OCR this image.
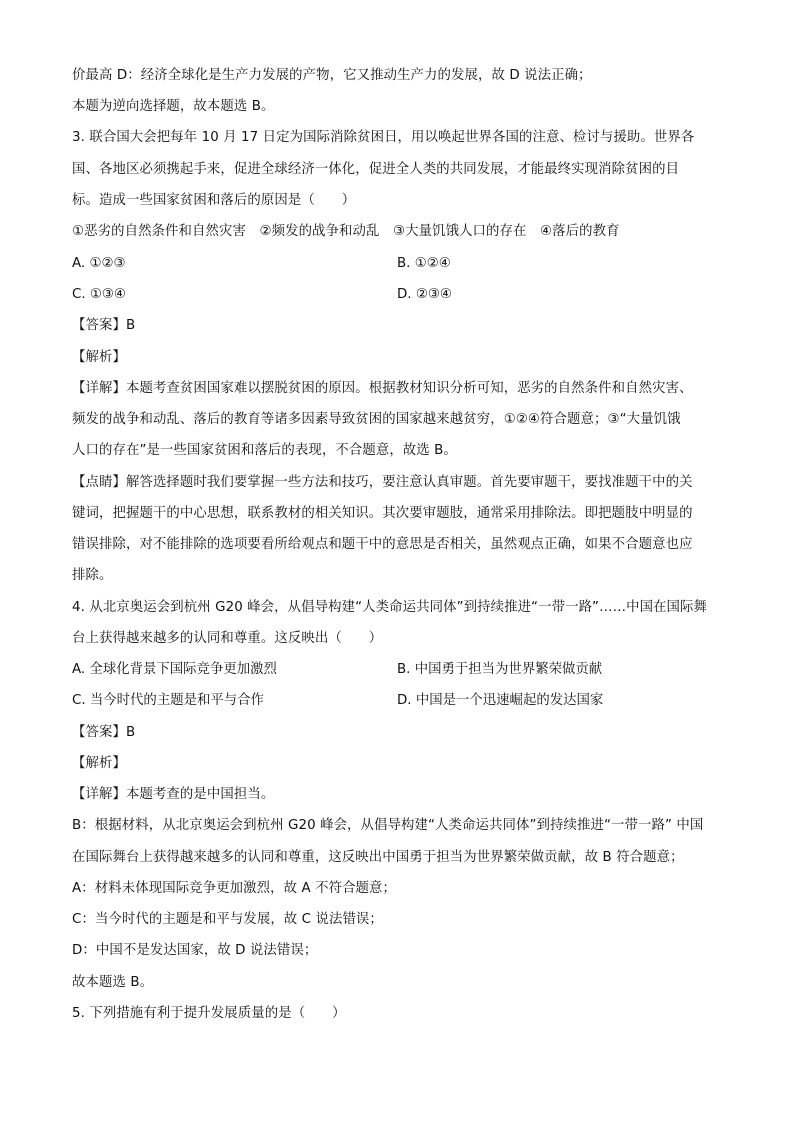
价最高 D：经济全球化是生产力发展的产物，它又推动生产力的发展，故 D 说法正确；
本题为逆向选择题，故本题选 B。
3. 联合国大会把每年 10 月 17 日定为国际消除贫困日，用以唤起世界各国的注意、检讨与援助。世界各
国、各地区必须携起手来，促进全球经济一体化，促进全人类的共同发展，才能最终实现消除贫困的目
标。造成一些国家贫困和落后的原因是（　　）
①恶劣的自然条件和自然灾害　②频发的战争和动乱　③大量饥饿人口的存在　④落后的教育
A. ①②③	B. ①②④
C. ①③④	D. ②③④
【答案】B
【解析】
【详解】本题考查贫困国家难以摆脱贫困的原因。根据教材知识分析可知，恶劣的自然条件和自然灾害、
频发的战争和动乱、落后的教育等诸多因素导致贫困的国家越来越贫穷，①②④符合题意；③“大量饥饿
人口的存在”是一些国家贫困和落后的表现，不合题意，故选 B。
【点睛】解答选择题时我们要掌握一些方法和技巧，要注意认真审题。首先要审题干，要找准题干中的关
键词，把握题干的中心思想，联系教材的相关知识。其次要审题肢，通常采用排除法。即把题肢中明显的
错误排除，对不能排除的选项要看所给观点和题干中的意思是否相关，虽然观点正确，如果不合题意也应
排除。
4. 从北京奥运会到杭州 G20 峰会，从倡导构建“人类命运共同体”到持续推进“一带一路”……中国在国际舞
台上获得越来越多的认同和尊重。这反映出（　　）
A. 全球化背景下国际竞争更加激烈	B. 中国勇于担当为世界繁荣做贡献
C. 当今时代的主题是和平与合作	D. 中国是一个迅速崛起的发达国家
【答案】B
【解析】
【详解】本题考查的是中国担当。
B：根据材料，从北京奥运会到杭州 G20 峰会，从倡导构建“人类命运共同体”到持续推进“一带一路” 中国
在国际舞台上获得越来越多的认同和尊重，这反映出中国勇于担当为世界繁荣做贡献，故 B 符合题意；
A：材料未体现国际竞争更加激烈，故 A 不符合题意；
C：当今时代的主题是和平与发展，故 C 说法错误；
D：中国不是发达国家，故 D 说法错误；
故本题选 B。
5. 下列措施有利于提升发展质量的是（　　）
